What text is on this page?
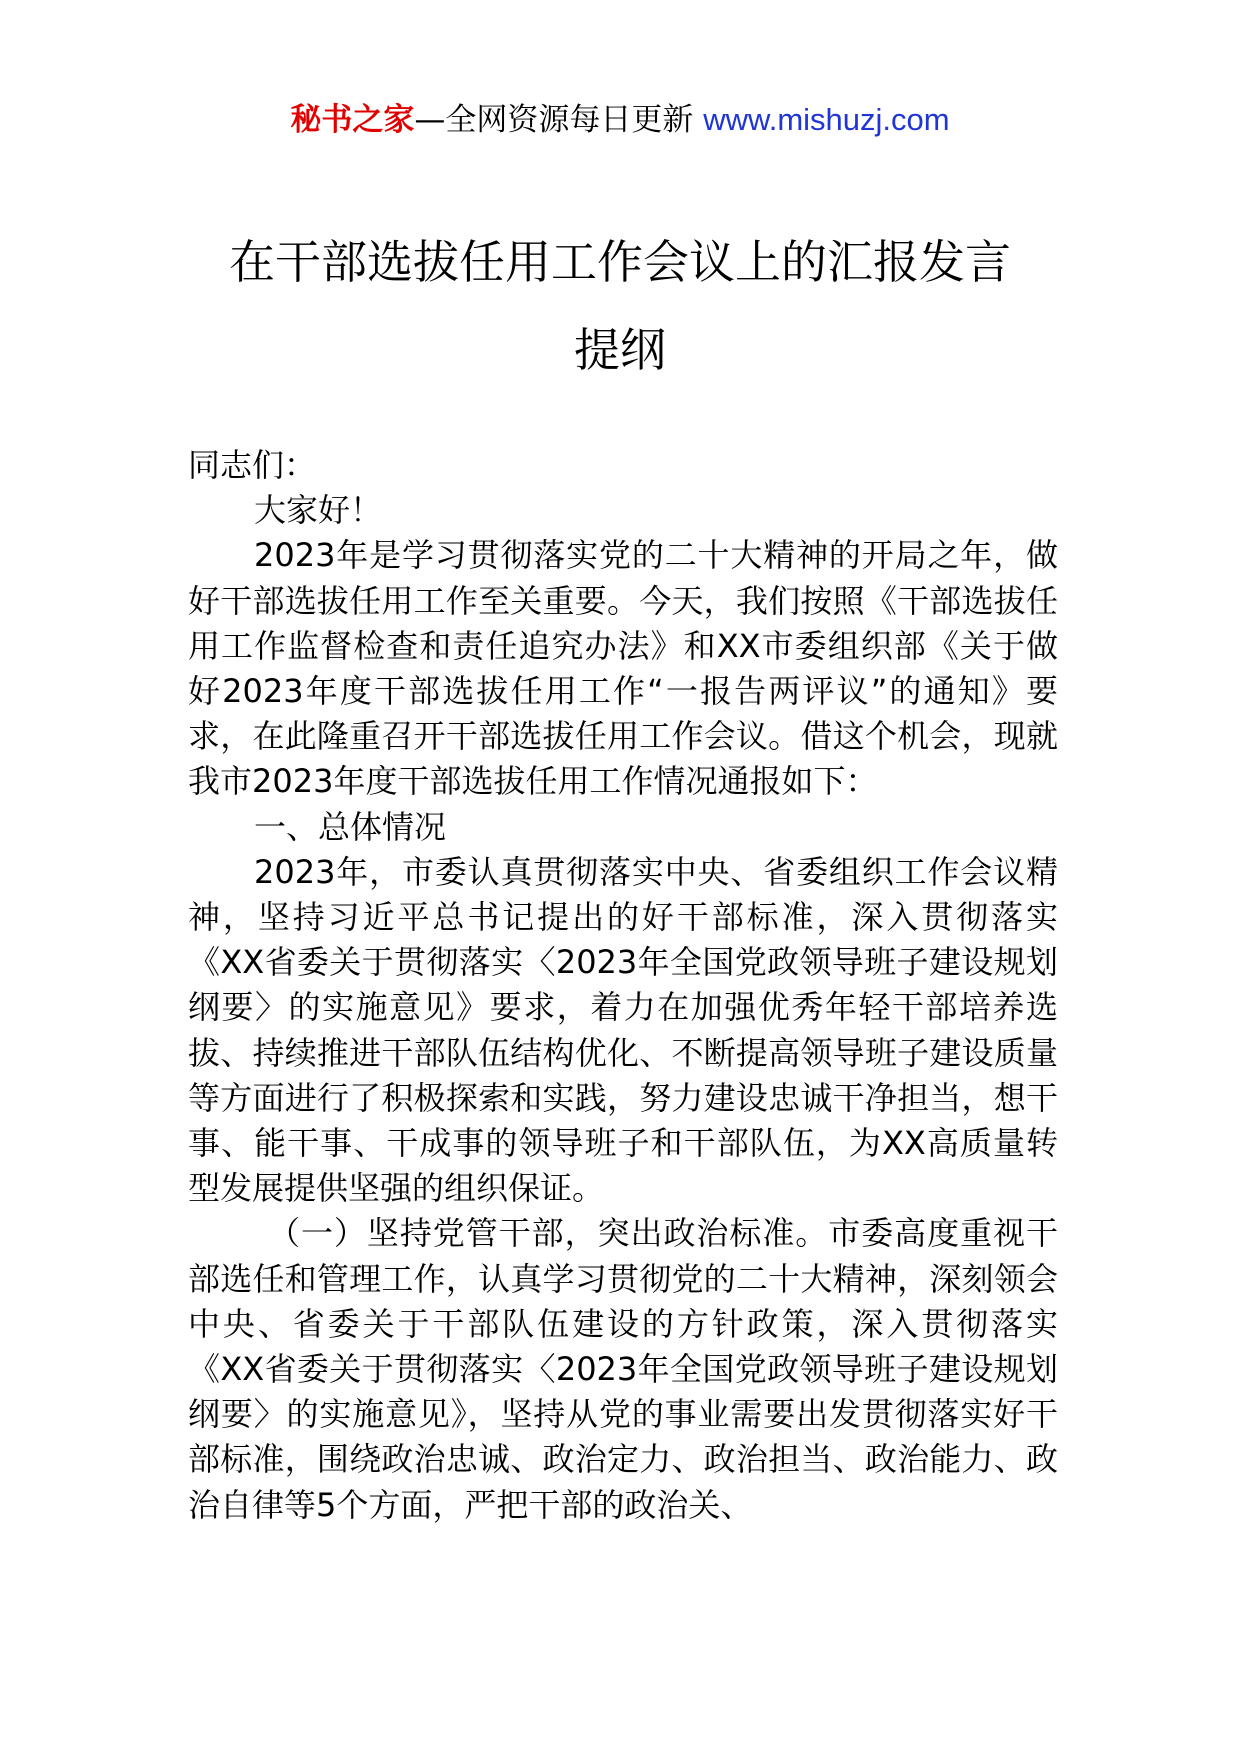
秘书之家—全网资源每日更新 www.mishuzj.com
在干部选拔任用工作会议上的汇报发言
提纲

同志们：

大家好！

2023年是学习贯彻落实党的二十大精神的开局之年，做好干部选拔任用工作至关重要。今天，我们按照《干部选拔任用工作监督检查和责任追究办法》和XX市委组织部《关于做好2023年度干部选拔任用工作“一报告两评议”的通知》要求，在此隆重召开干部选拔任用工作会议。借这个机会，现就我市2023年度干部选拔任用工作情况通报如下：

一、总体情况

2023年，市委认真贯彻落实中央、省委组织工作会议精神，坚持习近平总书记提出的好干部标准，深入贯彻落实《XX省委关于贯彻落实〈2023年全国党政领导班子建设规划纲要〉的实施意见》要求，着力在加强优秀年轻干部培养选拔、持续推进干部队伍结构优化、不断提高领导班子建设质量等方面进行了积极探索和实践，努力建设忠诚干净担当，想干事、能干事、干成事的领导班子和干部队伍，为XX高质量转型发展提供坚强的组织保证。

（一）坚持党管干部，突出政治标准。市委高度重视干部选任和管理工作，认真学习贯彻党的二十大精神，深刻领会中央、省委关于干部队伍建设的方针政策，深入贯彻落实《XX省委关于贯彻落实〈2023年全国党政领导班子建设规划纲要〉的实施意见》，坚持从党的事业需要出发贯彻落实好干部标准，围绕政治忠诚、政治定力、政治担当、政治能力、政治自律等5个方面，严把干部的政治关、
